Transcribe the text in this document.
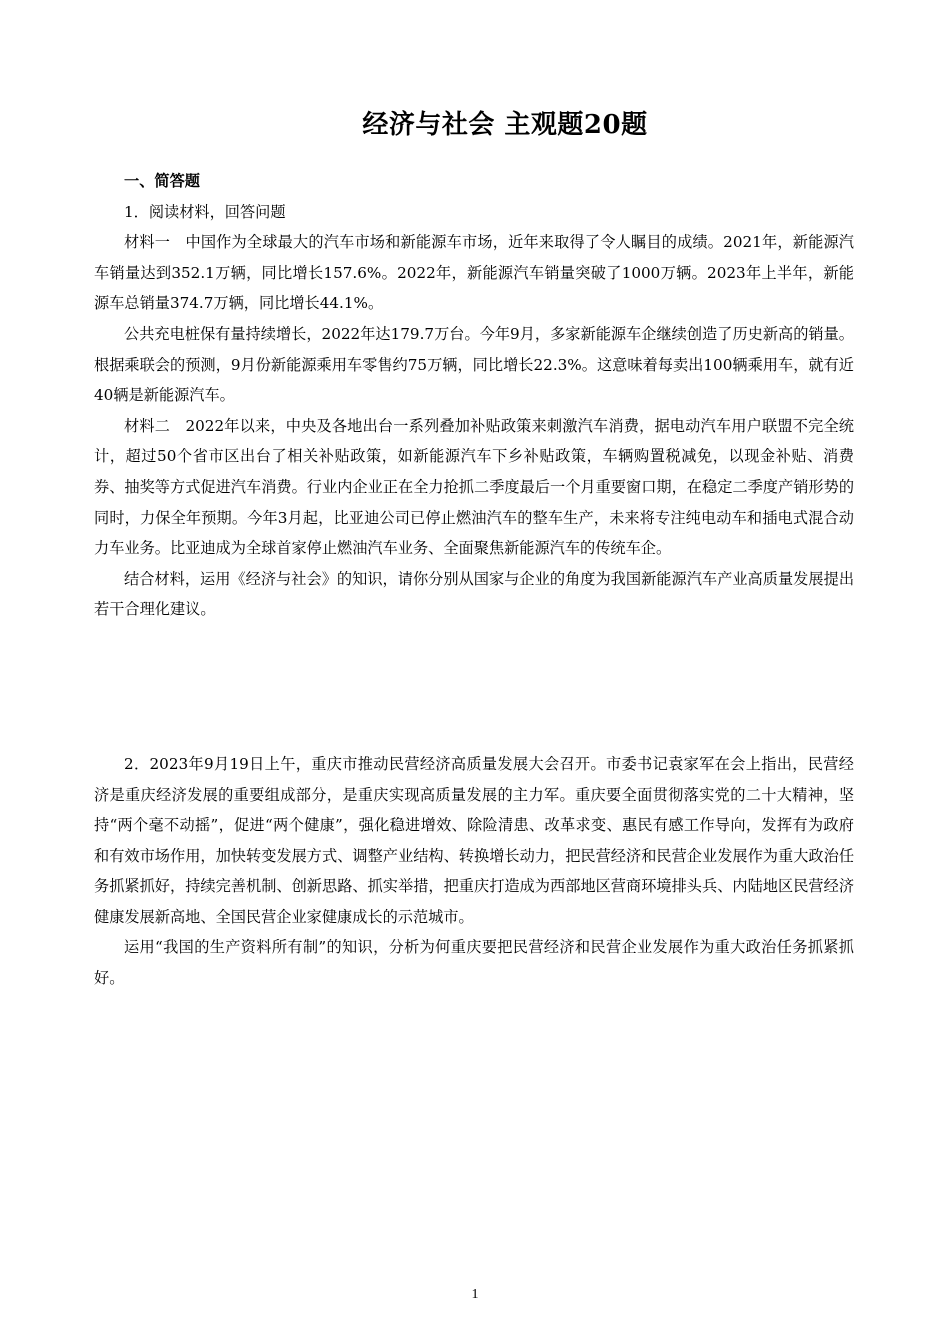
经济与社会 主观题20题

一、简答题

1．阅读材料，回答问题

材料一　中国作为全球最大的汽车市场和新能源车市场，近年来取得了令人瞩目的成绩。2021年，新能源汽车销量达到352.1万辆，同比增长157.6%。2022年，新能源汽车销量突破了1000万辆。2023年上半年，新能源车总销量374.7万辆，同比增长44.1%。

公共充电桩保有量持续增长，2022年达179.7万台。今年9月，多家新能源车企继续创造了历史新高的销量。根据乘联会的预测，9月份新能源乘用车零售约75万辆，同比增长22.3%。这意味着每卖出100辆乘用车，就有近40辆是新能源汽车。

材料二　2022年以来，中央及各地出台一系列叠加补贴政策来刺激汽车消费，据电动汽车用户联盟不完全统计，超过50个省市区出台了相关补贴政策，如新能源汽车下乡补贴政策，车辆购置税减免，以现金补贴、消费券、抽奖等方式促进汽车消费。行业内企业正在全力抢抓二季度最后一个月重要窗口期，在稳定二季度产销形势的同时，力保全年预期。今年3月起，比亚迪公司已停止燃油汽车的整车生产，未来将专注纯电动车和插电式混合动力车业务。比亚迪成为全球首家停止燃油汽车业务、全面聚焦新能源汽车的传统车企。

结合材料，运用《经济与社会》的知识，请你分别从国家与企业的角度为我国新能源汽车产业高质量发展提出若干合理化建议。

2．2023年9月19日上午，重庆市推动民营经济高质量发展大会召开。市委书记袁家军在会上指出，民营经济是重庆经济发展的重要组成部分，是重庆实现高质量发展的主力军。重庆要全面贯彻落实党的二十大精神，坚持“两个毫不动摇”，促进“两个健康”，强化稳进增效、除险清患、改革求变、惠民有感工作导向，发挥有为政府和有效市场作用，加快转变发展方式、调整产业结构、转换增长动力，把民营经济和民营企业发展作为重大政治任务抓紧抓好，持续完善机制、创新思路、抓实举措，把重庆打造成为西部地区营商环境排头兵、内陆地区民营经济健康发展新高地、全国民营企业家健康成长的示范城市。

运用“我国的生产资料所有制”的知识，分析为何重庆要把民营经济和民营企业发展作为重大政治任务抓紧抓好。

1
